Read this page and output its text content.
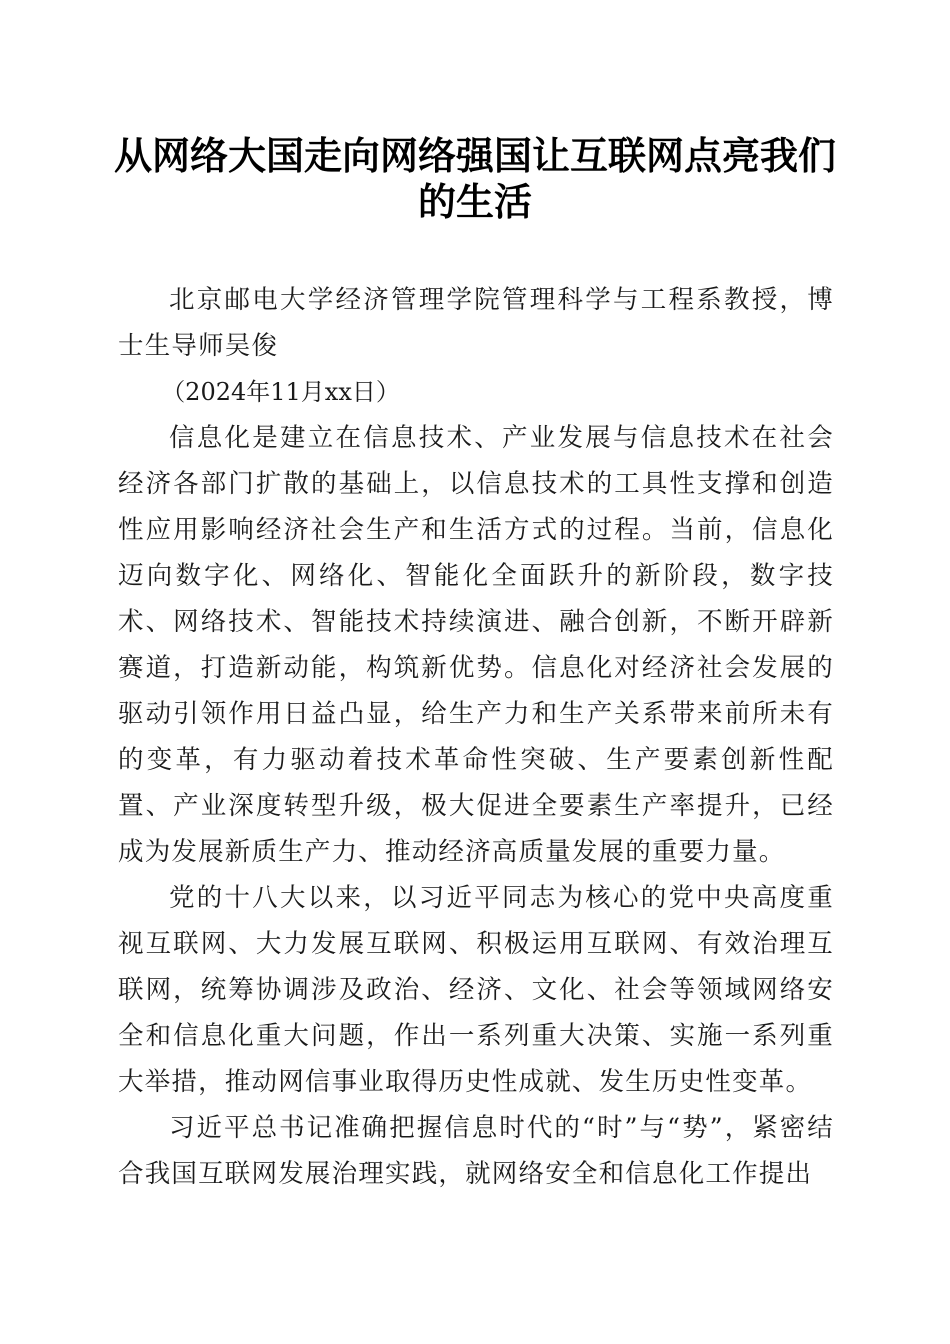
从网络大国走向网络强国让互联网点亮我们的生活

北京邮电大学经济管理学院管理科学与工程系教授，博士生导师吴俊

（2024年11月xx日）

信息化是建立在信息技术、产业发展与信息技术在社会经济各部门扩散的基础上，以信息技术的工具性支撑和创造性应用影响经济社会生产和生活方式的过程。当前，信息化迈向数字化、网络化、智能化全面跃升的新阶段，数字技术、网络技术、智能技术持续演进、融合创新，不断开辟新赛道，打造新动能，构筑新优势。信息化对经济社会发展的驱动引领作用日益凸显，给生产力和生产关系带来前所未有的变革，有力驱动着技术革命性突破、生产要素创新性配置、产业深度转型升级，极大促进全要素生产率提升，已经成为发展新质生产力、推动经济高质量发展的重要力量。

党的十八大以来，以习近平同志为核心的党中央高度重视互联网、大力发展互联网、积极运用互联网、有效治理互联网，统筹协调涉及政治、经济、文化、社会等领域网络安全和信息化重大问题，作出一系列重大决策、实施一系列重大举措，推动网信事业取得历史性成就、发生历史性变革。

习近平总书记准确把握信息时代的“时”与“势”，紧密结合我国互联网发展治理实践，就网络安全和信息化工作提出
